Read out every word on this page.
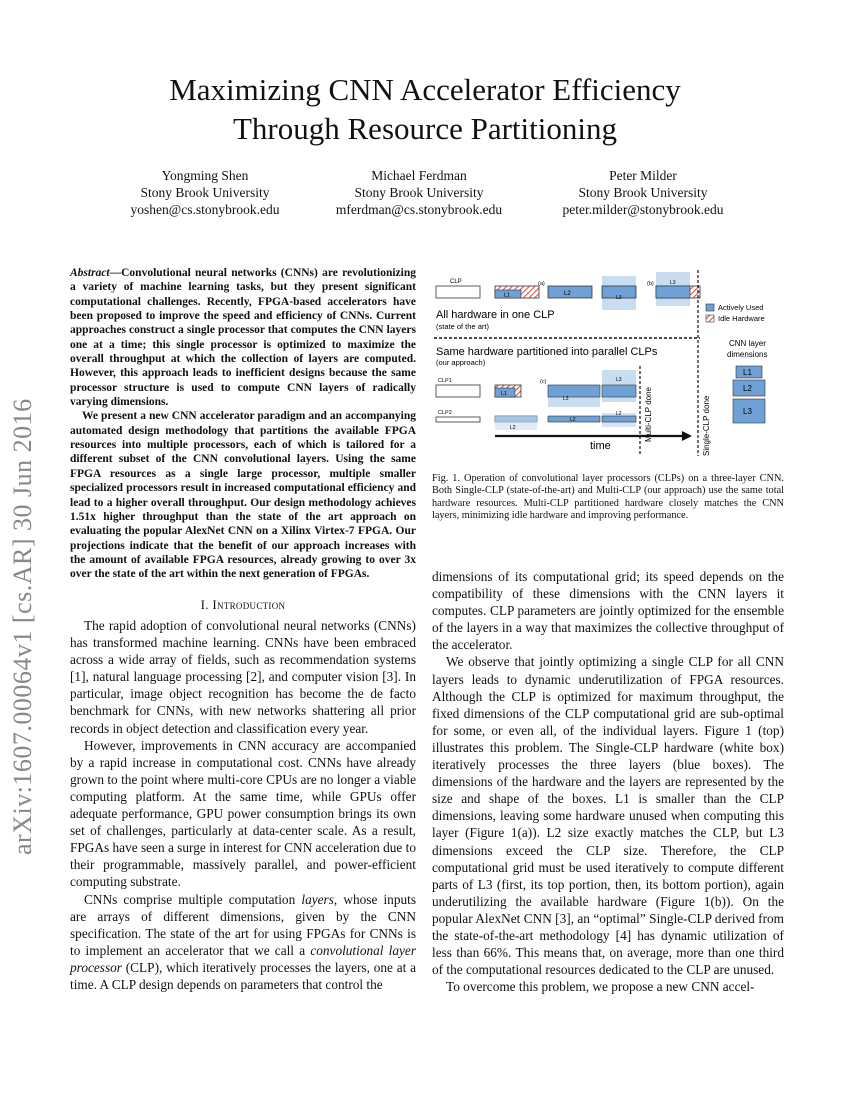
Maximizing CNN Accelerator Efficiency
Through Resource Partitioning
Yongming Shen
Stony Brook University
yoshen@cs.stonybrook.edu
Michael Ferdman
Stony Brook University
mferdman@cs.stonybrook.edu
Peter Milder
Stony Brook University
peter.milder@stonybrook.edu
arXiv:1607.00064v1 [cs.AR] 30 Jun 2016

Abstract—Convolutional neural networks (CNNs) are revolutionizing a variety of machine learning tasks, but they present significant computational challenges. Recently, FPGA-based accelerators have been proposed to improve the speed and efficiency of CNNs. Current approaches construct a single processor that computes the CNN layers one at a time; this single processor is optimized to maximize the overall throughput at which the collection of layers are computed. However, this approach leads to inefficient designs because the same processor structure is used to compute CNN layers of radically varying dimensions.

We present a new CNN accelerator paradigm and an accompanying automated design methodology that partitions the available FPGA resources into multiple processors, each of which is tailored for a different subset of the CNN convolutional layers. Using the same FPGA resources as a single large processor, multiple smaller specialized processors result in increased computational efficiency and lead to a higher overall throughput. Our design methodology achieves 1.51x higher throughput than the state of the art approach on evaluating the popular AlexNet CNN on a Xilinx Virtex-7 FPGA. Our projections indicate that the benefit of our approach increases with the amount of available FPGA resources, already growing to over 3x over the state of the art within the next generation of FPGAs.

I. Introduction

The rapid adoption of convolutional neural networks (CNNs) has transformed machine learning. CNNs have been embraced across a wide array of fields, such as recommendation systems [1], natural language processing [2], and computer vision [3]. In particular, image object recognition has become the de facto benchmark for CNNs, with new networks shattering all prior records in object detection and classification every year.

However, improvements in CNN accuracy are accompanied by a rapid increase in computational cost. CNNs have already grown to the point where multi-core CPUs are no longer a viable computing platform. At the same time, while GPUs offer adequate performance, GPU power consumption brings its own set of challenges, particularly at data-center scale. As a result, FPGAs have seen a surge in interest for CNN acceleration due to their programmable, massively parallel, and power-efficient computing substrate.

CNNs comprise multiple computation layers, whose inputs are arrays of different dimensions, given by the CNN specification. The state of the art for using FPGAs for CNNs is to implement an accelerator that we call a convolutional layer processor (CLP), which iteratively processes the layers, one at a time. A CLP design depends on parameters that control the

CLP
L1
(a)
L2
L3
(b)	L3
Actively Used
Idle Hardware
All hardware in one CLP
(state of the art)
Same hardware partitioned into parallel CLPs
(our approach)
CLP1
CLP2
L1
(c)
L3
L3
L2
L2
L2	Multi-CLP done	Single-CLP done
time
CNN layer
dimensions
L1
L2
L3
Fig. 1. Operation of convolutional layer processors (CLPs) on a three-layer CNN. Both Single-CLP (state-of-the-art) and Multi-CLP (our approach) use the same total hardware resources. Multi-CLP partitioned hardware closely matches the CNN layers, minimizing idle hardware and improving performance.

dimensions of its computational grid; its speed depends on the compatibility of these dimensions with the CNN layers it computes. CLP parameters are jointly optimized for the ensemble of the layers in a way that maximizes the collective throughput of the accelerator.

We observe that jointly optimizing a single CLP for all CNN layers leads to dynamic underutilization of FPGA resources. Although the CLP is optimized for maximum throughput, the fixed dimensions of the CLP computational grid are sub-optimal for some, or even all, of the individual layers. Figure 1 (top) illustrates this problem. The Single-CLP hardware (white box) iteratively processes the three layers (blue boxes). The dimensions of the hardware and the layers are represented by the size and shape of the boxes. L1 is smaller than the CLP dimensions, leaving some hardware unused when computing this layer (Figure 1(a)). L2 size exactly matches the CLP, but L3 dimensions exceed the CLP size. Therefore, the CLP computational grid must be used iteratively to compute different parts of L3 (first, its top portion, then, its bottom portion), again underutilizing the available hardware (Figure 1(b)). On the popular AlexNet CNN [3], an “optimal” Single-CLP derived from the state-of-the-art methodology [4] has dynamic utilization of less than 66%. This means that, on average, more than one third of the computational resources dedicated to the CLP are unused.

To overcome this problem, we propose a new CNN accel-
